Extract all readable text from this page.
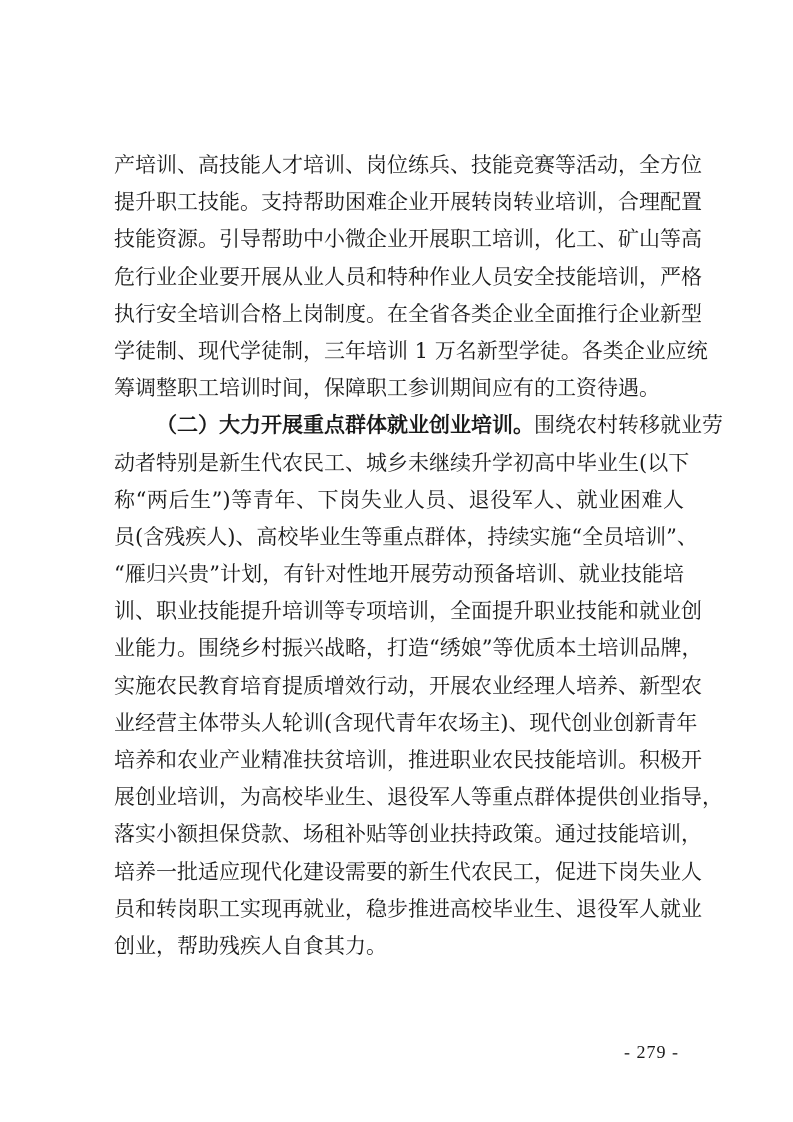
产培训、高技能人才培训、岗位练兵、技能竞赛等活动，全方位
提升职工技能。支持帮助困难企业开展转岗转业培训，合理配置
技能资源。引导帮助中小微企业开展职工培训，化工、矿山等高
危行业企业要开展从业人员和特种作业人员安全技能培训，严格
执行安全培训合格上岗制度。在全省各类企业全面推行企业新型
学徒制、现代学徒制，三年培训 1 万名新型学徒。各类企业应统
筹调整职工培训时间，保障职工参训期间应有的工资待遇。
（二）大力开展重点群体就业创业培训。围绕农村转移就业劳
动者特别是新生代农民工、城乡未继续升学初高中毕业生(以下
称“两后生”)等青年、下岗失业人员、退役军人、就业困难人
员(含残疾人)、高校毕业生等重点群体，持续实施“全员培训”、
“雁归兴贵”计划，有针对性地开展劳动预备培训、就业技能培
训、职业技能提升培训等专项培训，全面提升职业技能和就业创
业能力。围绕乡村振兴战略，打造“绣娘”等优质本土培训品牌，
实施农民教育培育提质增效行动，开展农业经理人培养、新型农
业经营主体带头人轮训(含现代青年农场主)、现代创业创新青年
培养和农业产业精准扶贫培训，推进职业农民技能培训。积极开
展创业培训，为高校毕业生、退役军人等重点群体提供创业指导，
落实小额担保贷款、场租补贴等创业扶持政策。通过技能培训，
培养一批适应现代化建设需要的新生代农民工，促进下岗失业人
员和转岗职工实现再就业，稳步推进高校毕业生、退役军人就业
创业，帮助残疾人自食其力。
- 279 -
